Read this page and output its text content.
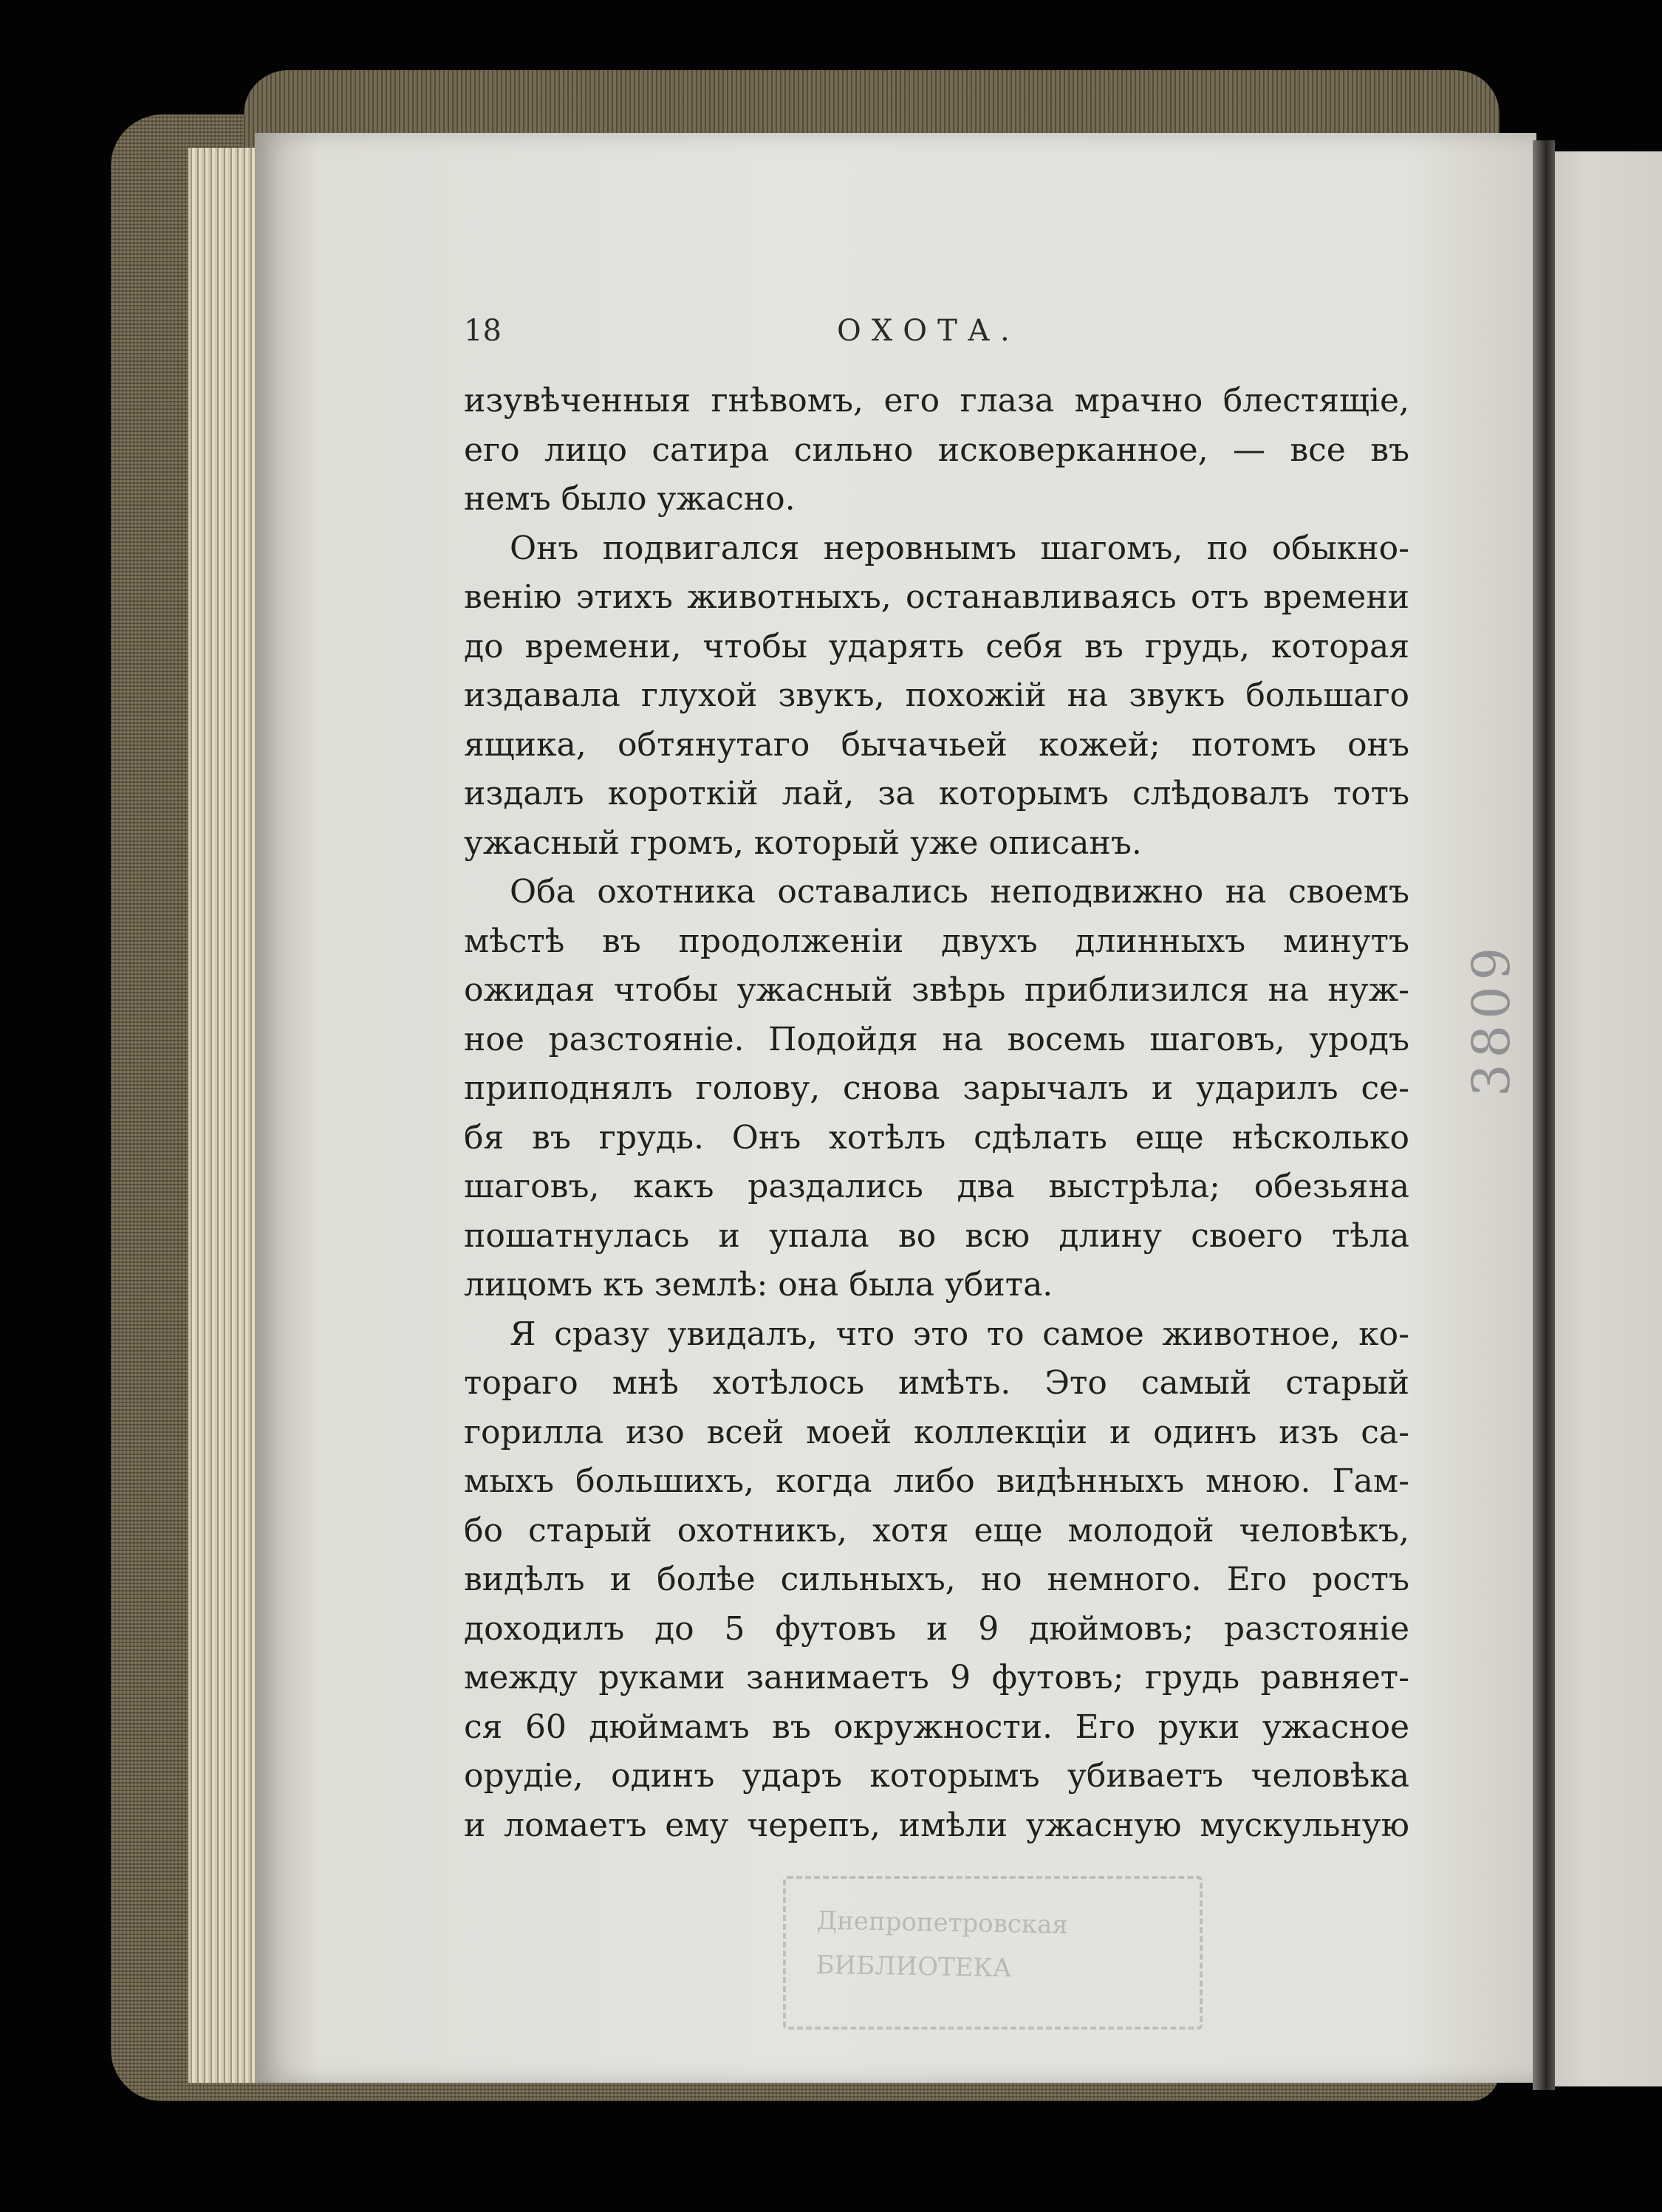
18	ОХОТА.
изувѣченныя гнѣвомъ, его глаза мрачно блестящіе,
его лицо сатира сильно исковерканное, — все въ
немъ было ужасно.
Онъ подвигался неровнымъ шагомъ, по обыкно-
венію этихъ животныхъ, останавливаясь отъ времени
до времени, чтобы ударять себя въ грудь, которая
издавала глухой звукъ, похожій на звукъ большаго
ящика, обтянутаго бычачьей кожей; потомъ онъ
издалъ короткій лай, за которымъ слѣдовалъ тотъ
ужасный громъ, который уже описанъ.
Оба охотника оставались неподвижно на своемъ
мѣстѣ въ продолженіи двухъ длинныхъ минутъ
ожидая чтобы ужасный звѣрь приблизился на нуж-
ное разстояніе. Подойдя на восемь шаговъ, уродъ
приподнялъ голову, снова зарычалъ и ударилъ се-
бя въ грудь. Онъ хотѣлъ сдѣлать еще нѣсколько
шаговъ, какъ раздались два выстрѣла; обезьяна
пошатнулась и упала во всю длину своего тѣла
лицомъ къ землѣ: она была убита.
Я сразу увидалъ, что это то самое животное, ко-
тораго мнѣ хотѣлось имѣть. Это самый старый
горилла изо всей моей коллекціи и одинъ изъ са-
мыхъ большихъ, когда либо видѣнныхъ мною. Гам-
бо старый охотникъ, хотя еще молодой человѣкъ,
видѣлъ и болѣе сильныхъ, но немного. Его ростъ
доходилъ до 5 футовъ и 9 дюймовъ; разстояніе
между руками занимаетъ 9 футовъ; грудь равняет-
ся 60 дюймамъ въ окружности. Его руки ужасное
орудіе, одинъ ударъ которымъ убиваетъ человѣка
и ломаетъ ему черепъ, имѣли ужасную мускульную
Днепропетровская
БИБЛИОТЕКА
3809
